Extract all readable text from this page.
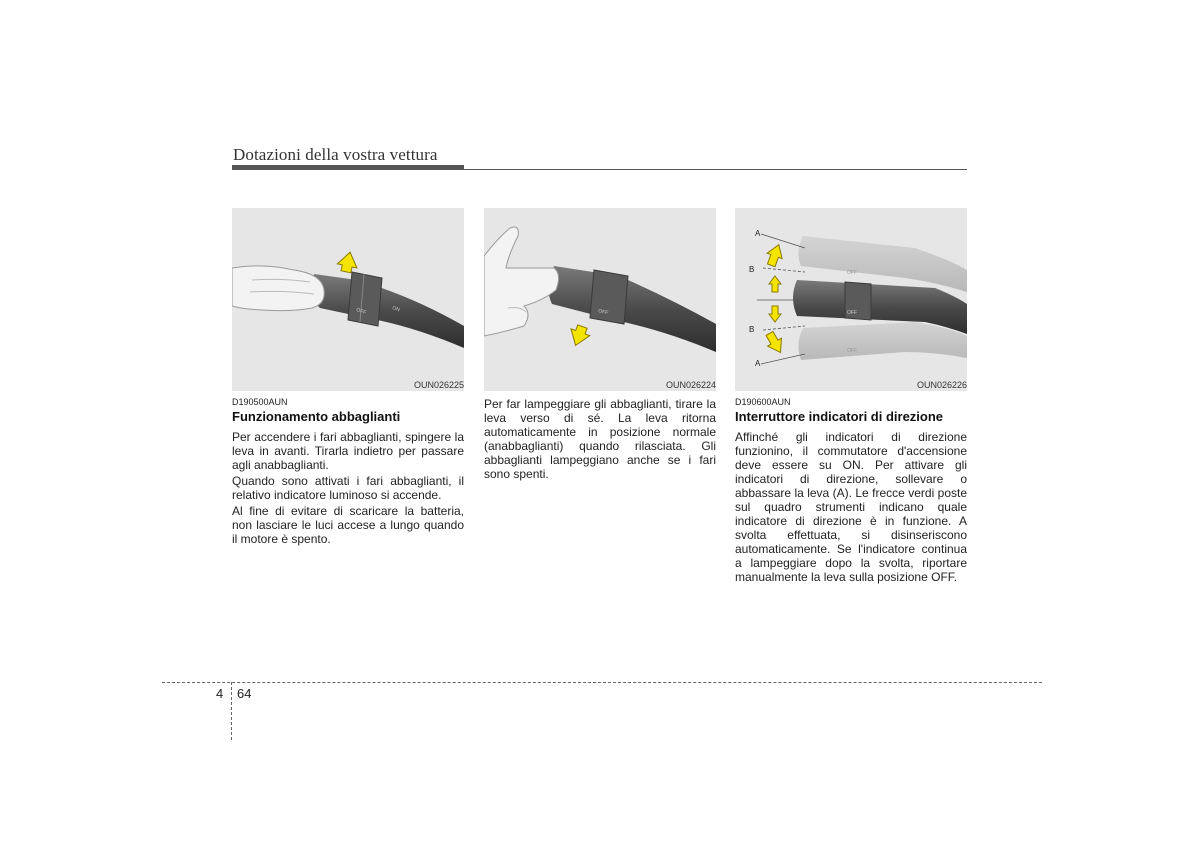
Dotazioni della vostra vettura
ON
OFF
OUN026225
OFF
OUN026224
A
B
B
A
OFF
OFF
OFF
OUN026226
D190500AUN
Funzionamento abbaglianti

Per accendere i fari abbaglianti, spingere la leva in avanti. Tirarla indietro per passare agli anabbaglianti.

Quando sono attivati i fari abbaglianti, il relativo indicatore luminoso si accende.

Al fine di evitare di scaricare la batteria, non lasciare le luci accese a lungo quando il motore è spento.

Per far lampeggiare gli abbaglianti, tirare la leva verso di sé. La leva ritorna automaticamente in posizione normale (anabbaglianti) quando rilasciata. Gli abbaglianti lampeggiano anche se i fari sono spenti.

D190600AUN
Interruttore indicatori di direzione

Affinché gli indicatori di direzione funzionino, il commutatore d'accensione deve essere su ON. Per attivare gli indicatori di direzione, sollevare o abbassare la leva (A). Le frecce verdi poste sul quadro strumenti indicano quale indicatore di direzione è in funzione. A svolta effettuata, si disinseriscono automaticamente. Se l'indicatore continua a lampeggiare dopo la svolta, riportare manualmente la leva sulla posizione OFF.

4 64
